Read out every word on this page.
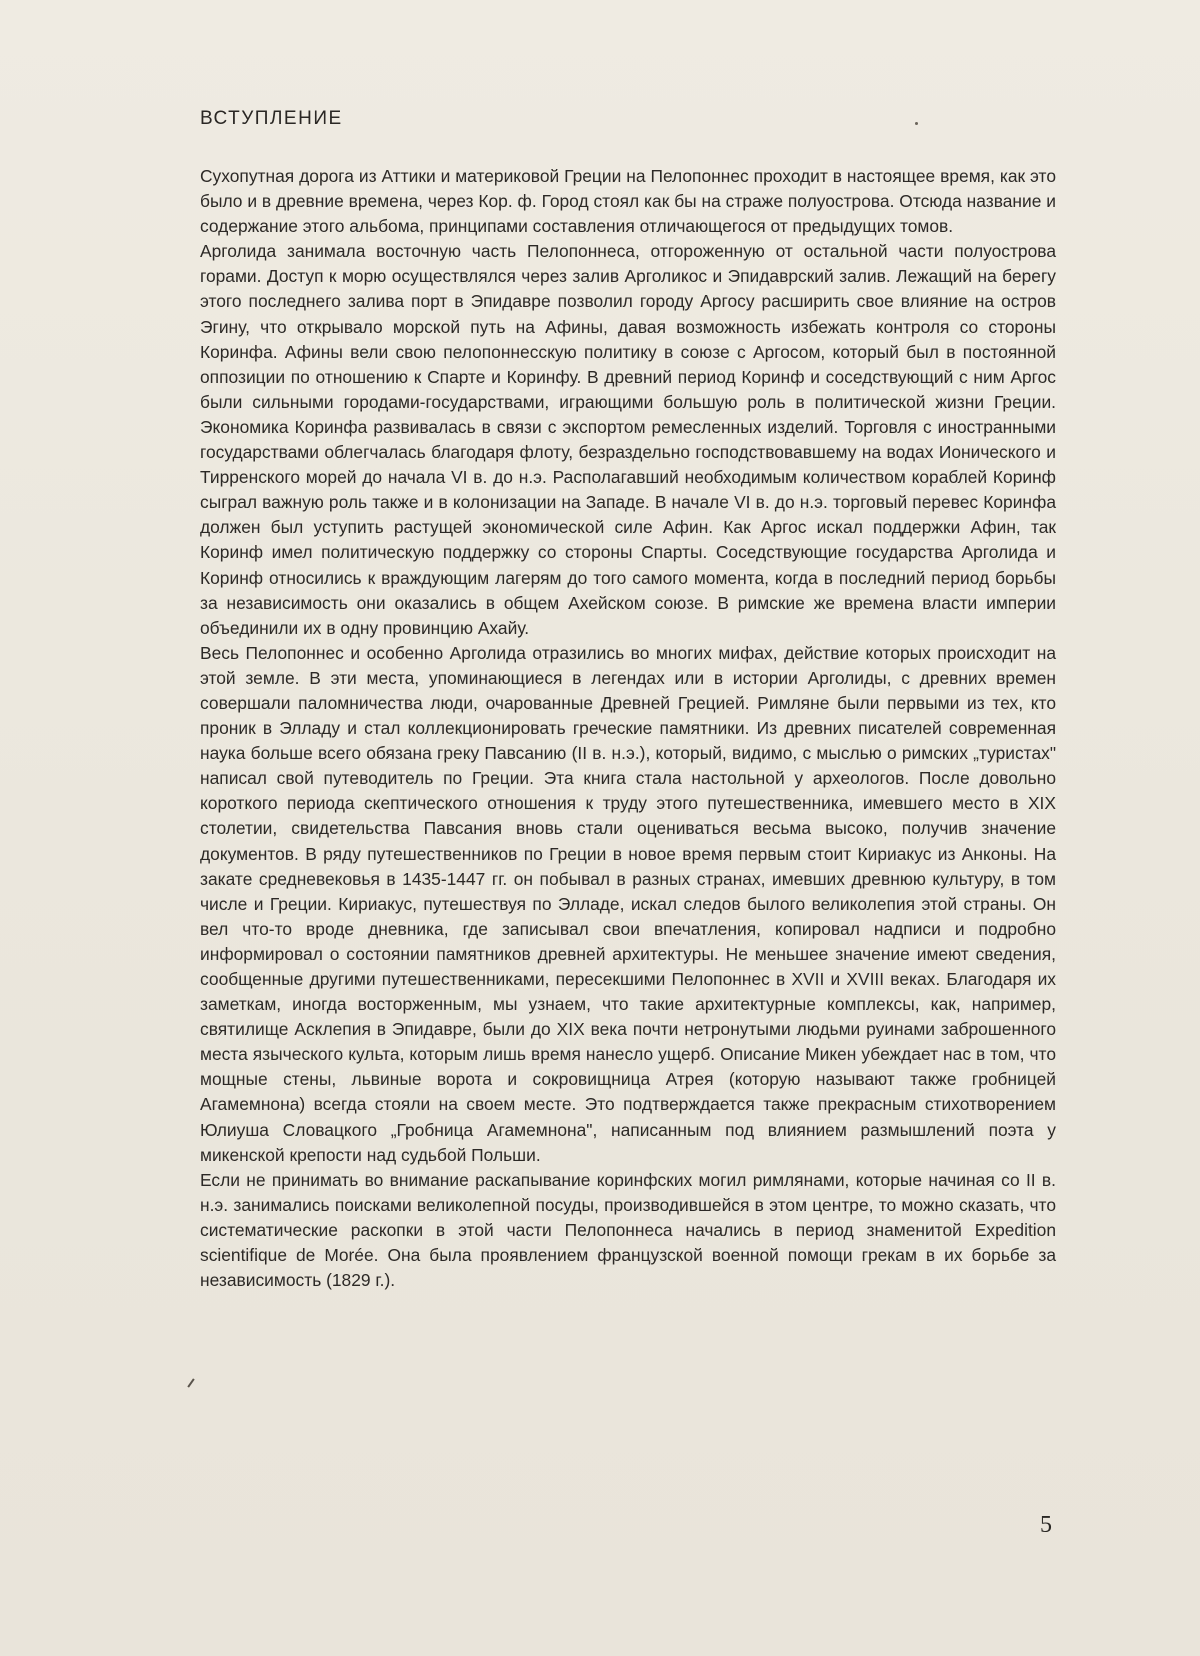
ВСТУПЛЕНИЕ

Сухопутная дорога из Аттики и материковой Греции на Пелопоннес проходит в настоящее время, как это было и в древние времена, через Кор. ф. Город стоял как бы на страже полуострова. Отсюда название и содержание этого альбома, принципами составления отличающегося от предыдущих томов.

Арголида занимала восточную часть Пелопоннеса, отгороженную от остальной части полуострова горами. Доступ к морю осуществлялся через залив Арголикос и Эпидаврский залив. Лежащий на берегу этого последнего залива порт в Эпидавре позволил городу Аргосу расширить свое влияние на остров Эгину, что открывало морской путь на Афины, давая возможность избежать контроля со стороны Коринфа. Афины вели свою пелопоннесскую политику в союзе с Аргосом, который был в постоянной оппозиции по отношению к Спарте и Коринфу. В древний период Коринф и соседствующий с ним Аргос были сильными городами-государствами, играющими большую роль в политической жизни Греции. Экономика Коринфа развивалась в связи с экспортом ремесленных изделий. Торговля с иностранными государствами облегчалась благодаря флоту, безраздельно господствовавшему на водах Ионического и Тирренского морей до начала VI в. до н.э. Располагавший необходимым количеством кораблей Коринф сыграл важную роль также и в колонизации на Западе. В начале VI в. до н.э. торговый перевес Коринфа должен был уступить растущей экономической силе Афин. Как Аргос искал поддержки Афин, так Коринф имел политическую поддержку со стороны Спарты. Соседствующие государства Арголида и Коринф относились к враждующим лагерям до того самого момента, когда в последний период борьбы за независимость они оказались в общем Ахейском союзе. В римские же времена власти империи объединили их в одну провинцию Ахайу.

Весь Пелопоннес и особенно Арголида отразились во многих мифах, действие которых происходит на этой земле. В эти места, упоминающиеся в легендах или в истории Арголиды, с древних времен совершали паломничества люди, очарованные Древней Грецией. Римляне были первыми из тех, кто проник в Элладу и стал коллекционировать греческие памятники. Из древних писателей современная наука больше всего обязана греку Павсанию (II в. н.э.), который, видимо, с мыслью о римских „туристах" написал свой путеводитель по Греции. Эта книга стала настольной у археологов. После довольно короткого периода скептического отношения к труду этого путешественника, имевшего место в XIX столетии, свидетельства Павсания вновь стали оцениваться весьма высоко, получив значение документов. В ряду путешественников по Греции в новое время первым стоит Кириакус из Анконы. На закате средневековья в 1435-1447 гг. он побывал в разных странах, имевших древнюю культуру, в том числе и Греции. Кириакус, путешествуя по Элладе, искал следов былого великолепия этой страны. Он вел что-то вроде дневника, где записывал свои впечатления, копировал надписи и подробно информировал о состоянии памятников древней архитектуры. Не меньшее значение имеют сведения, сообщенные другими путешественниками, пересекшими Пелопоннес в XVII и XVIII веках. Благодаря их заметкам, иногда восторженным, мы узнаем, что такие архитектурные комплексы, как, например, святилище Асклепия в Эпидавре, были до XIX века почти нетронутыми людьми руинами заброшенного места языческого культа, которым лишь время нанесло ущерб. Описание Микен убеждает нас в том, что мощные стены, львиные ворота и сокровищница Атрея (которую называют также гробницей Агамемнона) всегда стояли на своем месте. Это подтверждается также прекрасным стихотворением Юлиуша Словацкого „Гробница Агамемнона", написанным под влиянием размышлений поэта у микенской крепости над судьбой Польши.

Если не принимать во внимание раскапывание коринфских могил римлянами, которые начиная со II в. н.э. занимались поисками великолепной посуды, производившейся в этом центре, то можно сказать, что систематические раскопки в этой части Пелопоннеса начались в период знаменитой Expedition scientifique de Morée. Она была проявлением французской военной помощи грекам в их борьбе за независимость (1829 г.).

5
